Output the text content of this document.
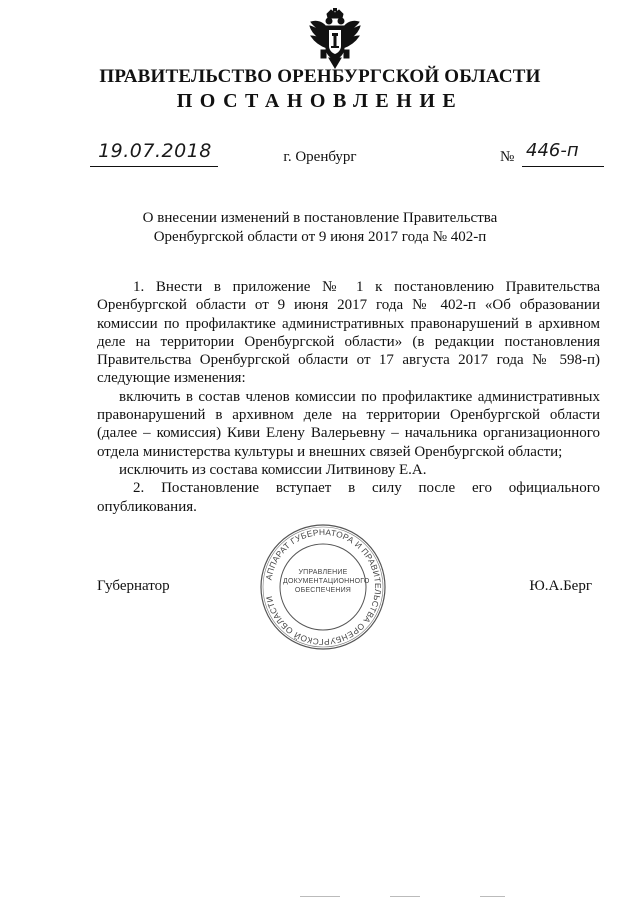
ПРАВИТЕЛЬСТВО ОРЕНБУРГСКОЙ ОБЛАСТИ
ПОСТАНОВЛЕНИЕ
19.07.2018	г. Оренбург	№ 446-п
О внесении изменений в постановление Правительства
Оренбургской области от 9 июня 2017 года № 402-п

1. Внести в приложение № 1 к постановлению Правительства Оренбургской области от 9 июня 2017 года № 402-п «Об образовании комиссии по профилактике административных правонарушений в архивном деле на территории Оренбургской области» (в редакции постановления Правительства Оренбургской области от 17 августа 2017 года № 598-п) следующие изменения:

включить в состав членов комиссии по профилактике административных правонарушений в архивном деле на территории Оренбургской области (далее – комиссия) Киви Елену Валерьевну – начальника организационного отдела министерства культуры и внешних связей Оренбургской области;

исключить из состава комиссии Литвинову Е.А.

2. Постановление вступает в силу после его официального опубликования.

АППАРАТ ГУБЕРНАТОРА И ПРАВИТЕЛЬСТВА ОРЕНБУРГСКОЙ ОБЛАСТИ
УПРАВЛЕНИЕ
ДОКУМЕНТАЦИОННОГО
ОБЕСПЕЧЕНИЯ
Губернатор	Ю.А.Берг
